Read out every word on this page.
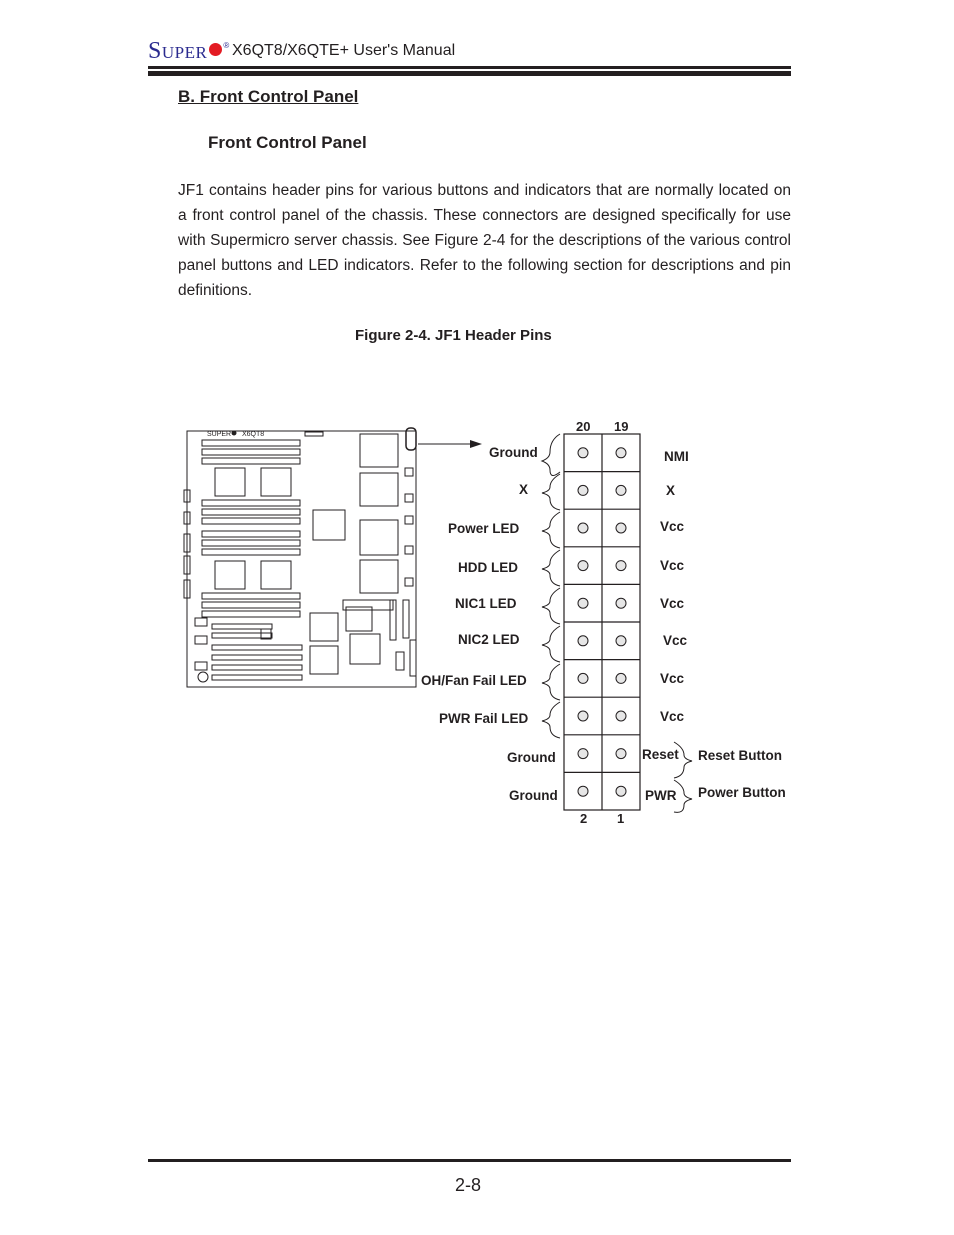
SUPER ® X6QT8/X6QTE+ User's Manual
B. Front Control Panel
Front Control Panel
JF1 contains header pins for various buttons and indicators that are normally located on a front control panel of the chassis. These connectors are designed specifically for use with Supermicro server chassis. See Figure 2-4 for the descriptions of the various control panel buttons and LED indicators. Refer to the following section for descriptions and pin definitions.
Figure 2-4. JF1 Header Pins
SUPER X6QT8
20 19
2 1
Ground
X
Power LED
HDD LED
NIC1 LED
NIC2 LED
OH/Fan Fail LED
PWR Fail LED
Ground
Ground
NMI
X
Vcc
Vcc
Vcc
Vcc
Vcc
Vcc
Reset
PWR
Reset Button
Power Button
2-8
